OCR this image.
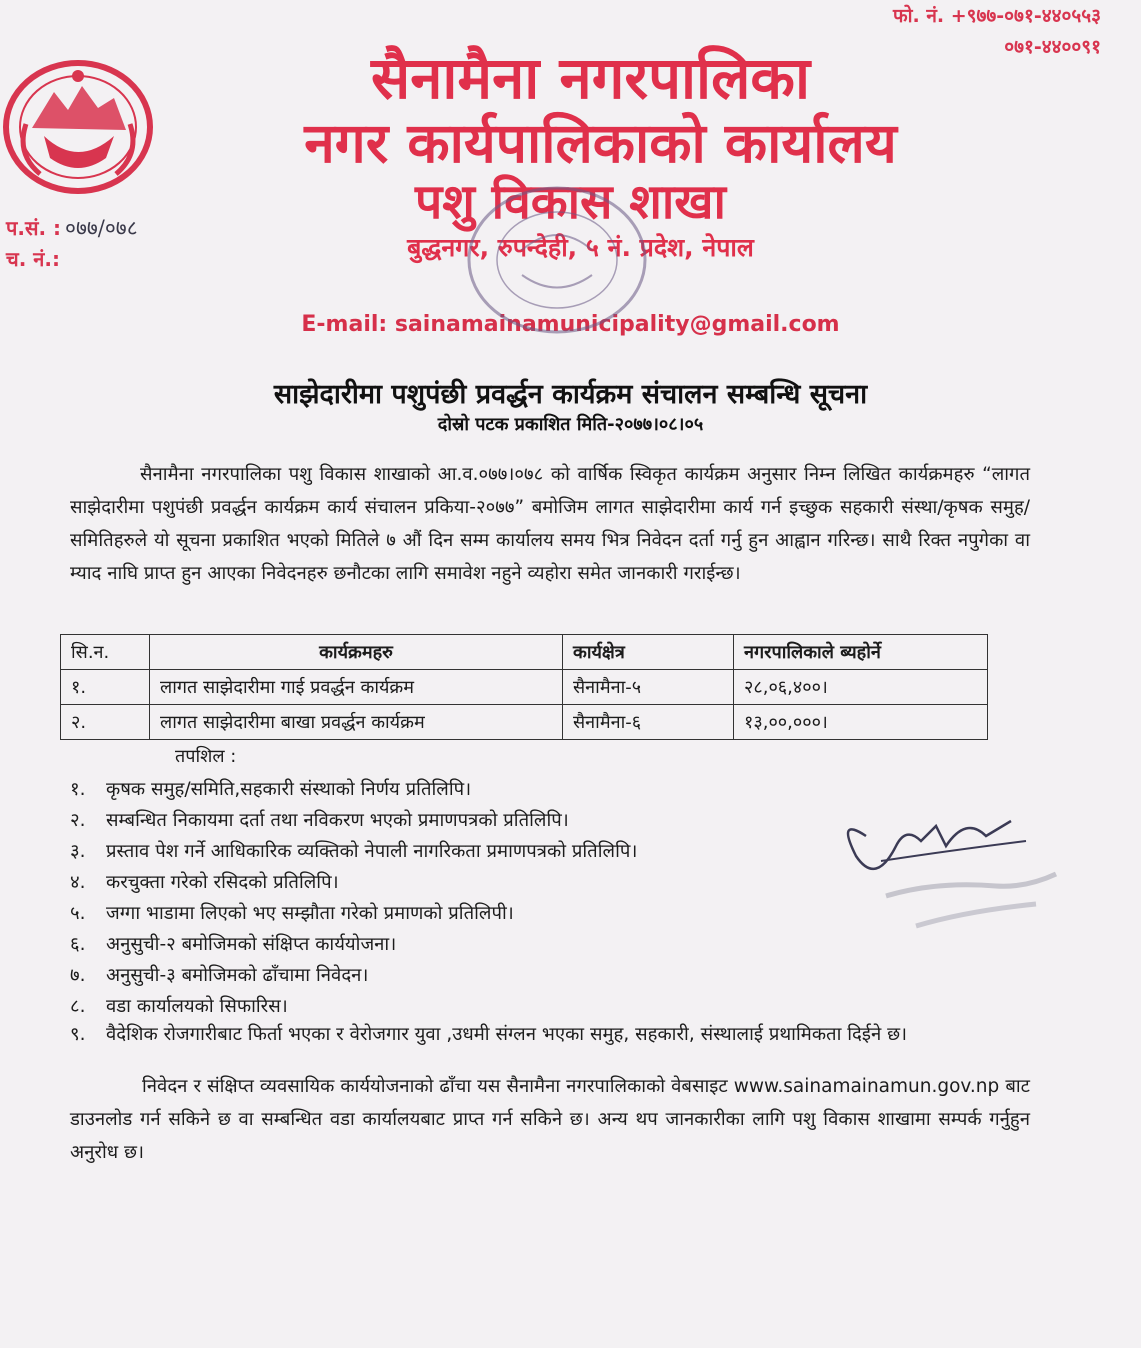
फो. नं. +९७७-०७१-४४०५५३
०७१-४४००९१
सैनामैना नगरपालिका
नगर कार्यपालिकाको कार्यालय
पशु विकास शाखा
बुद्धनगर, रुपन्देही, ५ नं. प्रदेश, नेपाल
E-mail: sainamainamunicipality@gmail.com
प.सं. : ०७७/०७८
च. नं.:
साझेदारीमा पशुपंछी प्रवर्द्धन कार्यक्रम संचालन सम्बन्धि सूचना
दोस्रो पटक प्रकाशित मिति-२०७७।०८।०५
सैनामैना नगरपालिका पशु विकास शाखाको आ.व.०७७।०७८ को वार्षिक स्विकृत कार्यक्रम अनुसार निम्न लिखित कार्यक्रमहरु “लागत साझेदारीमा पशुपंछी प्रवर्द्धन कार्यक्रम कार्य संचालन प्रकिया-२०७७” बमोजिम लागत साझेदारीमा कार्य गर्न इच्छुक सहकारी संस्था/कृषक समुह/समितिहरुले यो सूचना प्रकाशित भएको मितिले ७ औं दिन सम्म कार्यालय समय भित्र निवेदन दर्ता गर्नु हुन आह्वान गरिन्छ। साथै रिक्त नपुगेका वा म्याद नाघि प्राप्त हुन आएका निवेदनहरु छनौटका लागि समावेश नहुने व्यहोरा समेत जानकारी गराईन्छ।
सि.न.	कार्यक्रमहरु	कार्यक्षेत्र	नगरपालिकाले ब्यहोर्ने
१.	लागत साझेदारीमा गाई प्रवर्द्धन कार्यक्रम	सैनामैना-५	२८,०६,४००।
२.	लागत साझेदारीमा बाखा प्रवर्द्धन कार्यक्रम	सैनामैना-६	१३,००,०००।
तपशिल :
१. कृषक समुह/समिति,सहकारी संस्थाको निर्णय प्रतिलिपि।
२. सम्बन्धित निकायमा दर्ता तथा नविकरण भएको प्रमाणपत्रको प्रतिलिपि।
३. प्रस्ताव पेश गर्ने आधिकारिक व्यक्तिको नेपाली नागरिकता प्रमाणपत्रको प्रतिलिपि।
४. करचुक्ता गरेको रसिदको प्रतिलिपि।
५. जग्गा भाडामा लिएको भए सम्झौता गरेको प्रमाणको प्रतिलिपी।
६. अनुसुची-२ बमोजिमको संक्षिप्त कार्ययोजना।
७. अनुसुची-३ बमोजिमको ढाँचामा निवेदन।
८. वडा कार्यालयको सिफारिस।
९. वैदेशिक रोजगारीबाट फिर्ता भएका र वेरोजगार युवा ,उधमी संग्लन भएका समुह, सहकारी, संस्थालाई प्रथामिकता दिईने छ।
निवेदन र संक्षिप्त व्यवसायिक कार्ययोजनाको ढाँचा यस सैनामैना नगरपालिकाको वेबसाइट www.sainamainamun.gov.np बाट डाउनलोड गर्न सकिने छ वा सम्बन्धित वडा कार्यालयबाट प्राप्त गर्न सकिने छ। अन्य थप जानकारीका लागि पशु विकास शाखामा सम्पर्क गर्नुहुन अनुरोध छ।
